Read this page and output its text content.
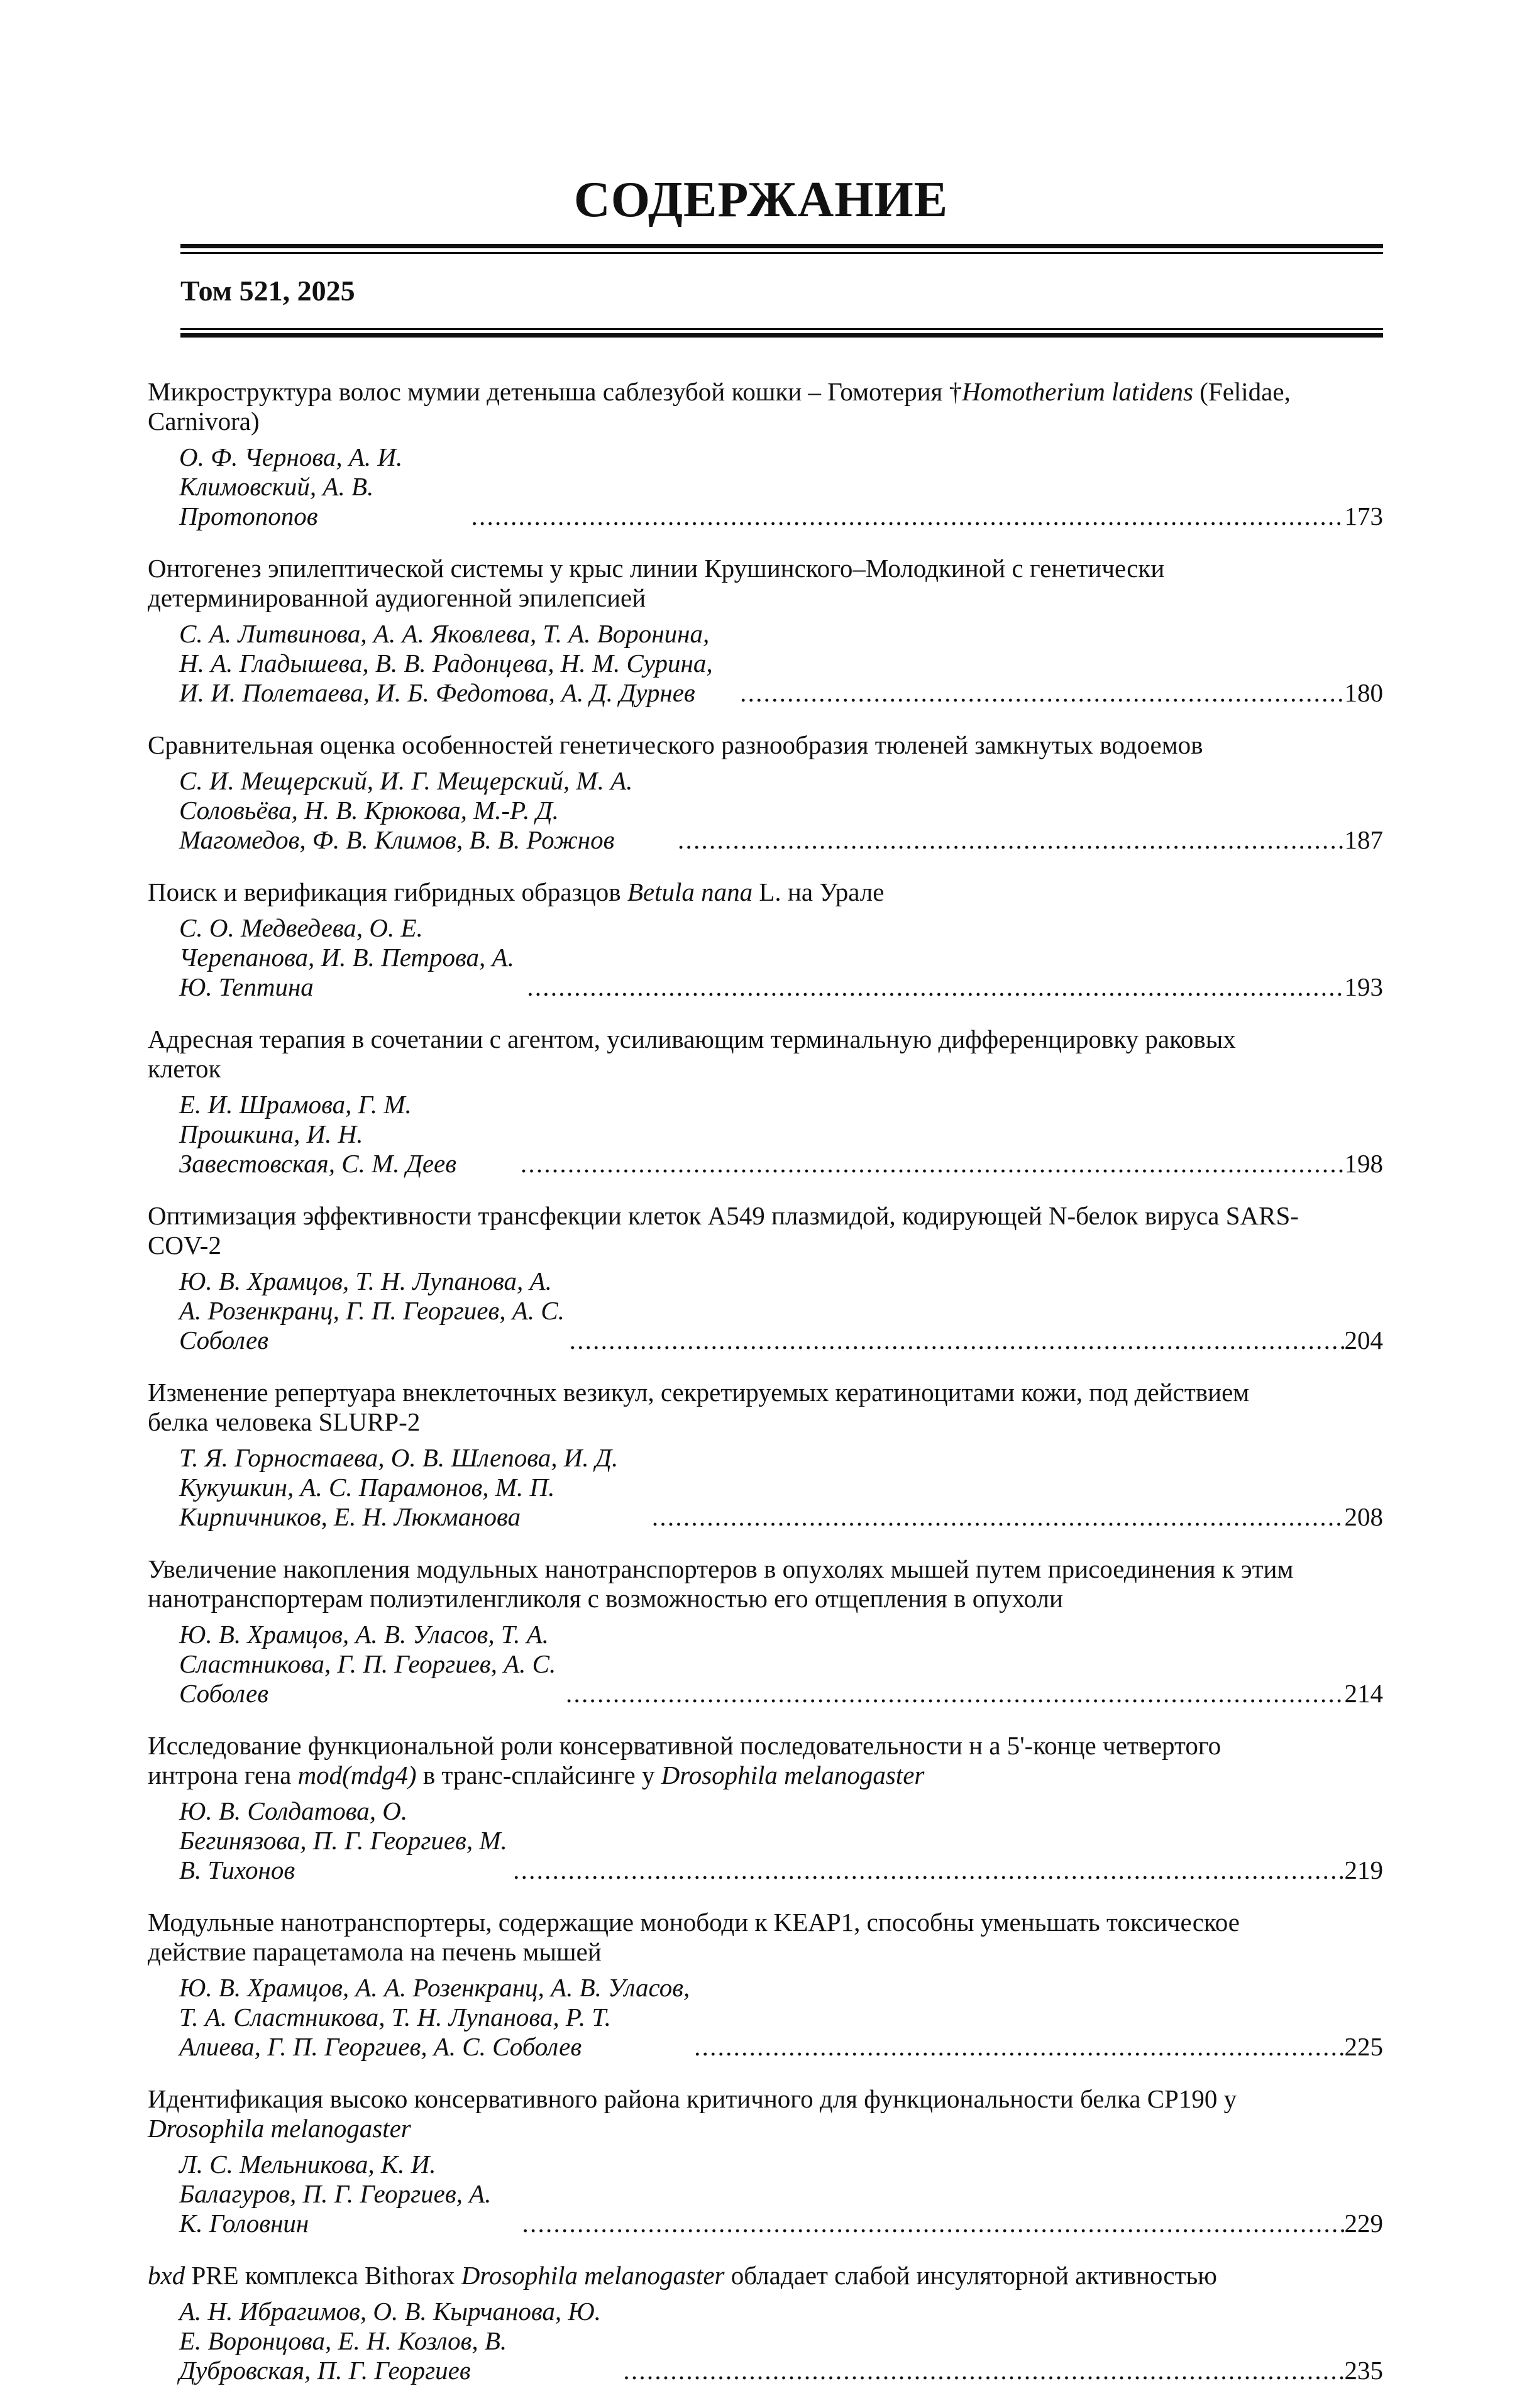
СОДЕРЖАНИЕ
Том 521, 2025
Микроструктура волос мумии детеныша саблезубой кошки – Гомотерия †Homotherium latidens (Felidae, Carnivora)
О. Ф. Чернова, А. И. Климовский, А. В. Протопопов . . .	173
Онтогенез эпилептической системы у крыс линии Крушинского–Молодкиной с генетически детерминированной аудиогенной эпилепсией
С. А. Литвинова, А. А. Яковлева, Т. А. Воронина, Н. А. Гладышева, В. В. Радонцева, Н. М. Сурина, И. И. Полетаева, И. Б. Федотова, А. Д. Дурнев . . .	180
Сравнительная оценка особенностей генетического разнообразия тюленей замкнутых водоемов
С. И. Мещерский, И. Г. Мещерский, М. А. Соловьёва, Н. В. Крюкова, М.-Р. Д. Магомедов, Ф. В. Климов, В. В. Рожнов . . .	187
Поиск и верификация гибридных образцов Betula nana L. на Урале
С. О. Медведева, О. Е. Черепанова, И. В. Петрова, А. Ю. Тептина . . .	193
Адресная терапия в сочетании с агентом, усиливающим терминальную дифференцировку раковых клеток
Е. И. Шрамова, Г. М. Прошкина, И. Н. Завестовская, С. М. Деев . . .	198
Оптимизация эффективности трансфекции клеток А549 плазмидой, кодирующей N-белок вируса SARS-COV-2
Ю. В. Храмцов, Т. Н. Лупанова, А. А. Розенкранц, Г. П. Георгиев, А. С. Соболев . . .	204
Изменение репертуара внеклеточных везикул, секретируемых кератиноцитами кожи, под действием белка человека SLURP-2
Т. Я. Горностаева, О. В. Шлепова, И. Д. Кукушкин, А. С. Парамонов, М. П. Кирпичников, Е. Н. Люкманова . . .	208
Увеличение накопления модульных нанотранспортеров в опухолях мышей путем присоединения к этим нанотранспортерам полиэтиленгликоля с возможностью его отщепления в опухоли
Ю. В. Храмцов, А. В. Уласов, Т. А. Сластникова, Г. П. Георгиев, А. С. Соболев . . .	214
Исследование функциональной роли консервативной последовательности н а 5'-конце четвертого интрона гена mod(mdg4) в транс-сплайсинге у Drosophila melanogaster
Ю. В. Солдатова, О. Бегинязова, П. Г. Георгиев, М. В. Тихонов . . .	219
Модульные нанотранспортеры, содержащие монободи к KEAP1, способны уменьшать токсическое действие парацетамола на печень мышей
Ю. В. Храмцов, А. А. Розенкранц, А. В. Уласов, Т. А. Сластникова, Т. Н. Лупанова, Р. Т. Алиева, Г. П. Георгиев, А. С. Соболев . . .	225
Идентификация высоко консервативного района критичного для функциональности белка CP190 у Drosophila melanogaster
Л. С. Мельникова, К. И. Балагуров, П. Г. Георгиев, А. К. Головнин . . .	229
bxd PRE комплекса Bithorax Drosophila melanogaster обладает слабой инсуляторной активностью
А. Н. Ибрагимов, О. В. Кырчанова, Ю. Е. Воронцова, Е. Н. Козлов, В. Дубровская, П. Г. Георгиев . . .	235
